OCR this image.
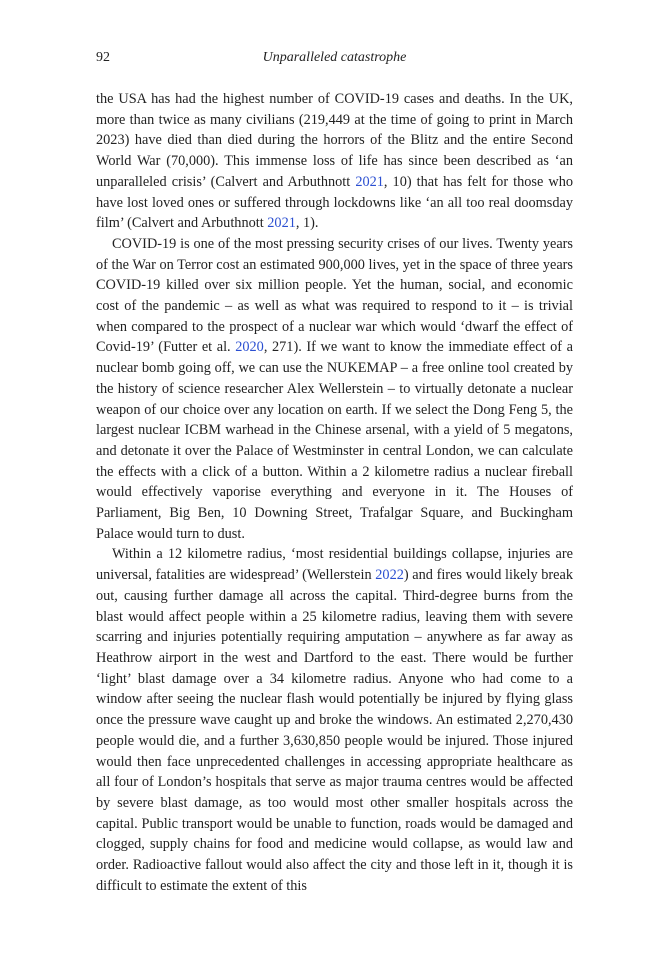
92	Unparalleled catastrophe

the USA has had the highest number of COVID-19 cases and deaths. In the UK, more than twice as many civilians (219,449 at the time of going to print in March 2023) have died than died during the horrors of the Blitz and the entire Second World War (70,000). This immense loss of life has since been described as ‘an unparalleled crisis’ (Calvert and Arbuthnott 2021, 10) that has felt for those who have lost loved ones or suffered through lockdowns like ‘an all too real doomsday film’ (Calvert and Arbuthnott 2021, 1).

COVID-19 is one of the most pressing security crises of our lives. Twenty years of the War on Terror cost an estimated 900,000 lives, yet in the space of three years COVID-19 killed over six million people. Yet the human, social, and economic cost of the pandemic – as well as what was required to respond to it – is trivial when compared to the prospect of a nuclear war which would ‘dwarf the effect of Covid-19’ (Futter et al. 2020, 271). If we want to know the immediate effect of a nuclear bomb going off, we can use the NUKEMAP – a free online tool created by the history of science researcher Alex Wellerstein – to virtually detonate a nuclear weapon of our choice over any location on earth. If we select the Dong Feng 5, the largest nuclear ICBM warhead in the Chinese arsenal, with a yield of 5 megatons, and detonate it over the Palace of Westminster in central London, we can calculate the effects with a click of a button. Within a 2 kilometre radius a nuclear fireball would effectively vaporise everything and everyone in it. The Houses of Parliament, Big Ben, 10 Downing Street, Trafalgar Square, and Buckingham Palace would turn to dust.

Within a 12 kilometre radius, ‘most residential buildings collapse, injuries are universal, fatalities are widespread’ (Wellerstein 2022) and fires would likely break out, causing further damage all across the capital. Third-degree burns from the blast would affect people within a 25 kilometre radius, leaving them with severe scarring and injuries potentially requiring amputation – anywhere as far away as Heathrow airport in the west and Dartford to the east. There would be further ‘light’ blast damage over a 34 kilometre radius. Anyone who had come to a window after seeing the nuclear flash would potentially be injured by flying glass once the pressure wave caught up and broke the windows. An estimated 2,270,430 people would die, and a further 3,630,850 people would be injured. Those injured would then face unprecedented challenges in accessing appropriate healthcare as all four of London’s hospitals that serve as major trauma centres would be affected by severe blast damage, as too would most other smaller hospitals across the capital. Public transport would be unable to function, roads would be damaged and clogged, supply chains for food and medicine would collapse, as would law and order. Radioactive fallout would also affect the city and those left in it, though it is difficult to estimate the extent of this
